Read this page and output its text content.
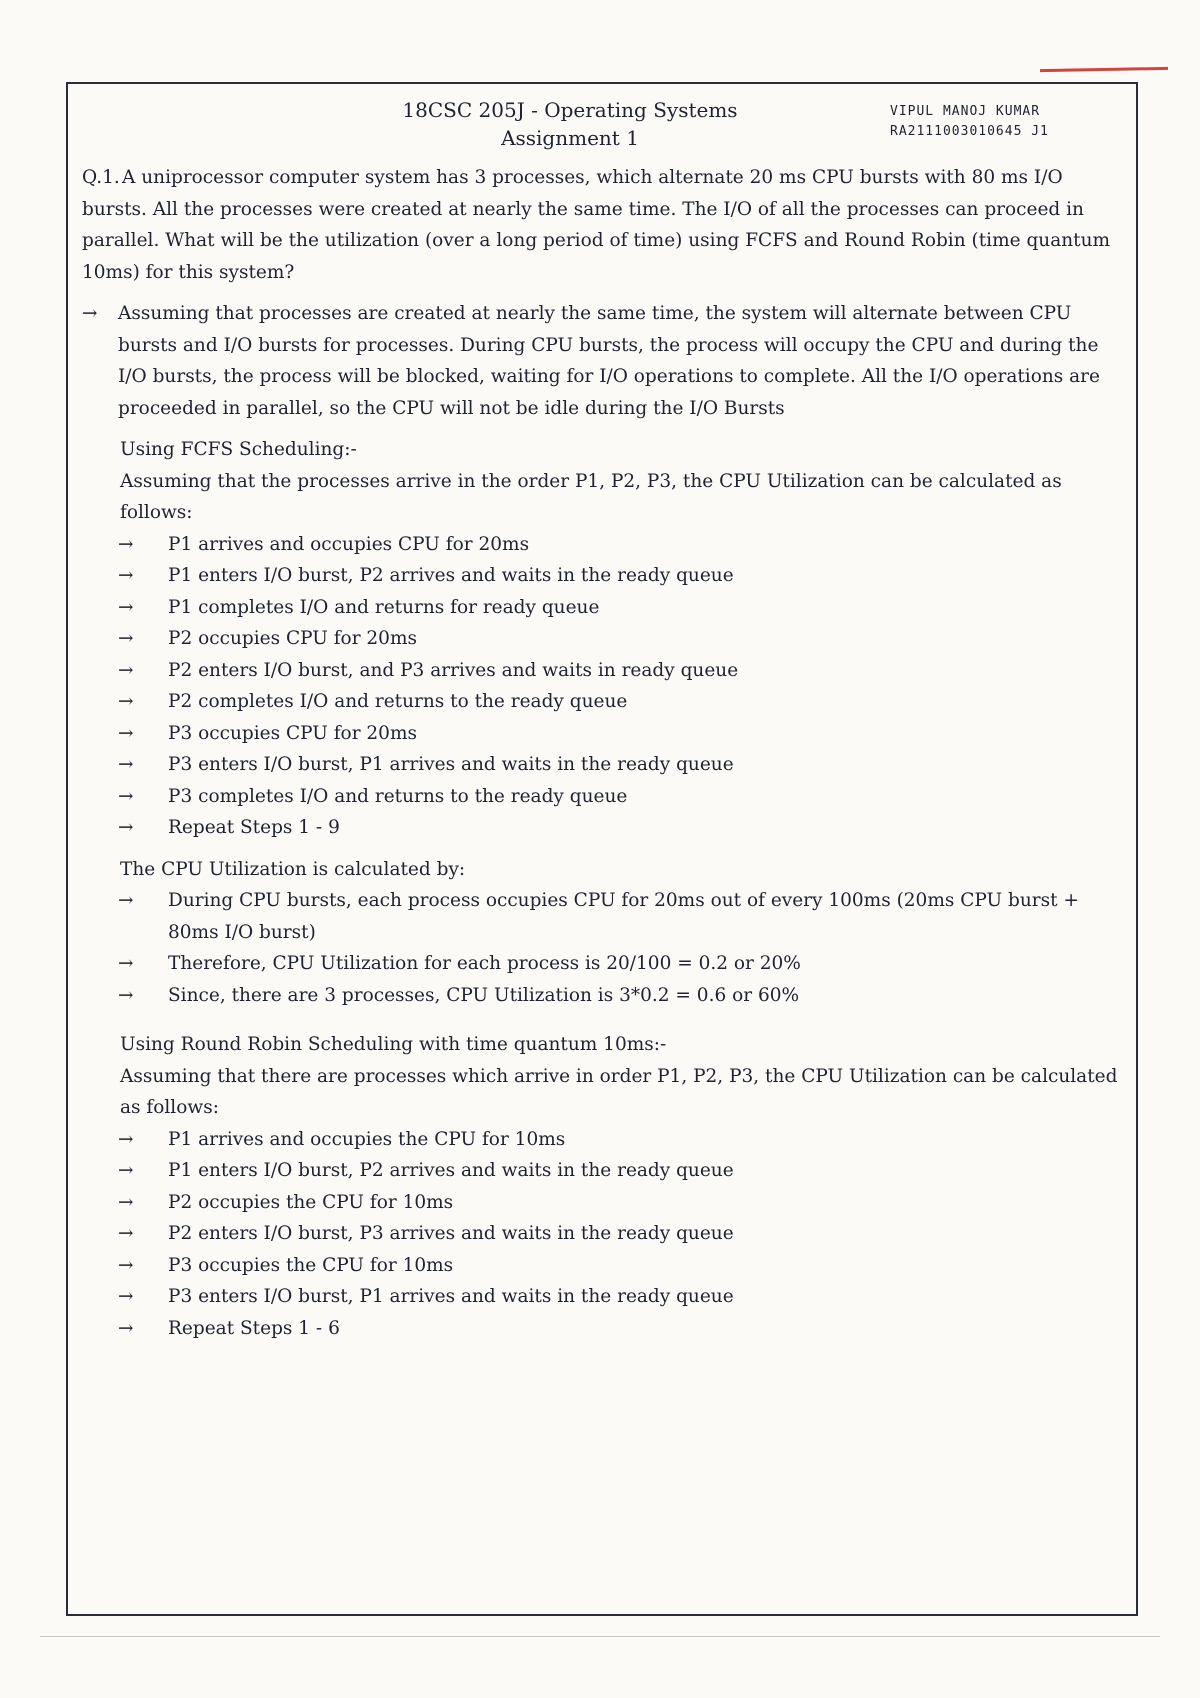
18CSC 205J - Operating Systems
Assignment 1
VIPUL MANOJ KUMAR
RA2111003010645 J1

Q.1. A uniprocessor computer system has 3 processes, which alternate 20 ms CPU bursts with 80 ms I/O bursts. All the processes were created at nearly the same time. The I/O of all the processes can proceed in parallel. What will be the utilization (over a long period of time) using FCFS and Round Robin (time quantum 10ms) for this system?

→	Assuming that processes are created at nearly the same time, the system will alternate between CPU bursts and I/O bursts for processes. During CPU bursts, the process will occupy the CPU and during the I/O bursts, the process will be blocked, waiting for I/O operations to complete. All the I/O operations are proceeded in parallel, so the CPU will not be idle during the I/O Bursts

Using FCFS Scheduling:-

Assuming that the processes arrive in the order P1, P2, P3, the CPU Utilization can be calculated as follows:

→	P1 arrives and occupies CPU for 20ms
→	P1 enters I/O burst, P2 arrives and waits in the ready queue
→	P1 completes I/O and returns for ready queue
→	P2 occupies CPU for 20ms
→	P2 enters I/O burst, and P3 arrives and waits in ready queue
→	P2 completes I/O and returns to the ready queue
→	P3 occupies CPU for 20ms
→	P3 enters I/O burst, P1 arrives and waits in the ready queue
→	P3 completes I/O and returns to the ready queue
→	Repeat Steps 1 - 9

The CPU Utilization is calculated by:

→	During CPU bursts, each process occupies CPU for 20ms out of every 100ms (20ms CPU burst + 80ms I/O burst)
→	Therefore, CPU Utilization for each process is 20/100 = 0.2 or 20%
→	Since, there are 3 processes, CPU Utilization is 3*0.2 = 0.6 or 60%

Using Round Robin Scheduling with time quantum 10ms:-

Assuming that there are processes which arrive in order P1, P2, P3, the CPU Utilization can be calculated as follows:

→	P1 arrives and occupies the CPU for 10ms
→	P1 enters I/O burst, P2 arrives and waits in the ready queue
→	P2 occupies the CPU for 10ms
→	P2 enters I/O burst, P3 arrives and waits in the ready queue
→	P3 occupies the CPU for 10ms
→	P3 enters I/O burst, P1 arrives and waits in the ready queue
→	Repeat Steps 1 - 6
